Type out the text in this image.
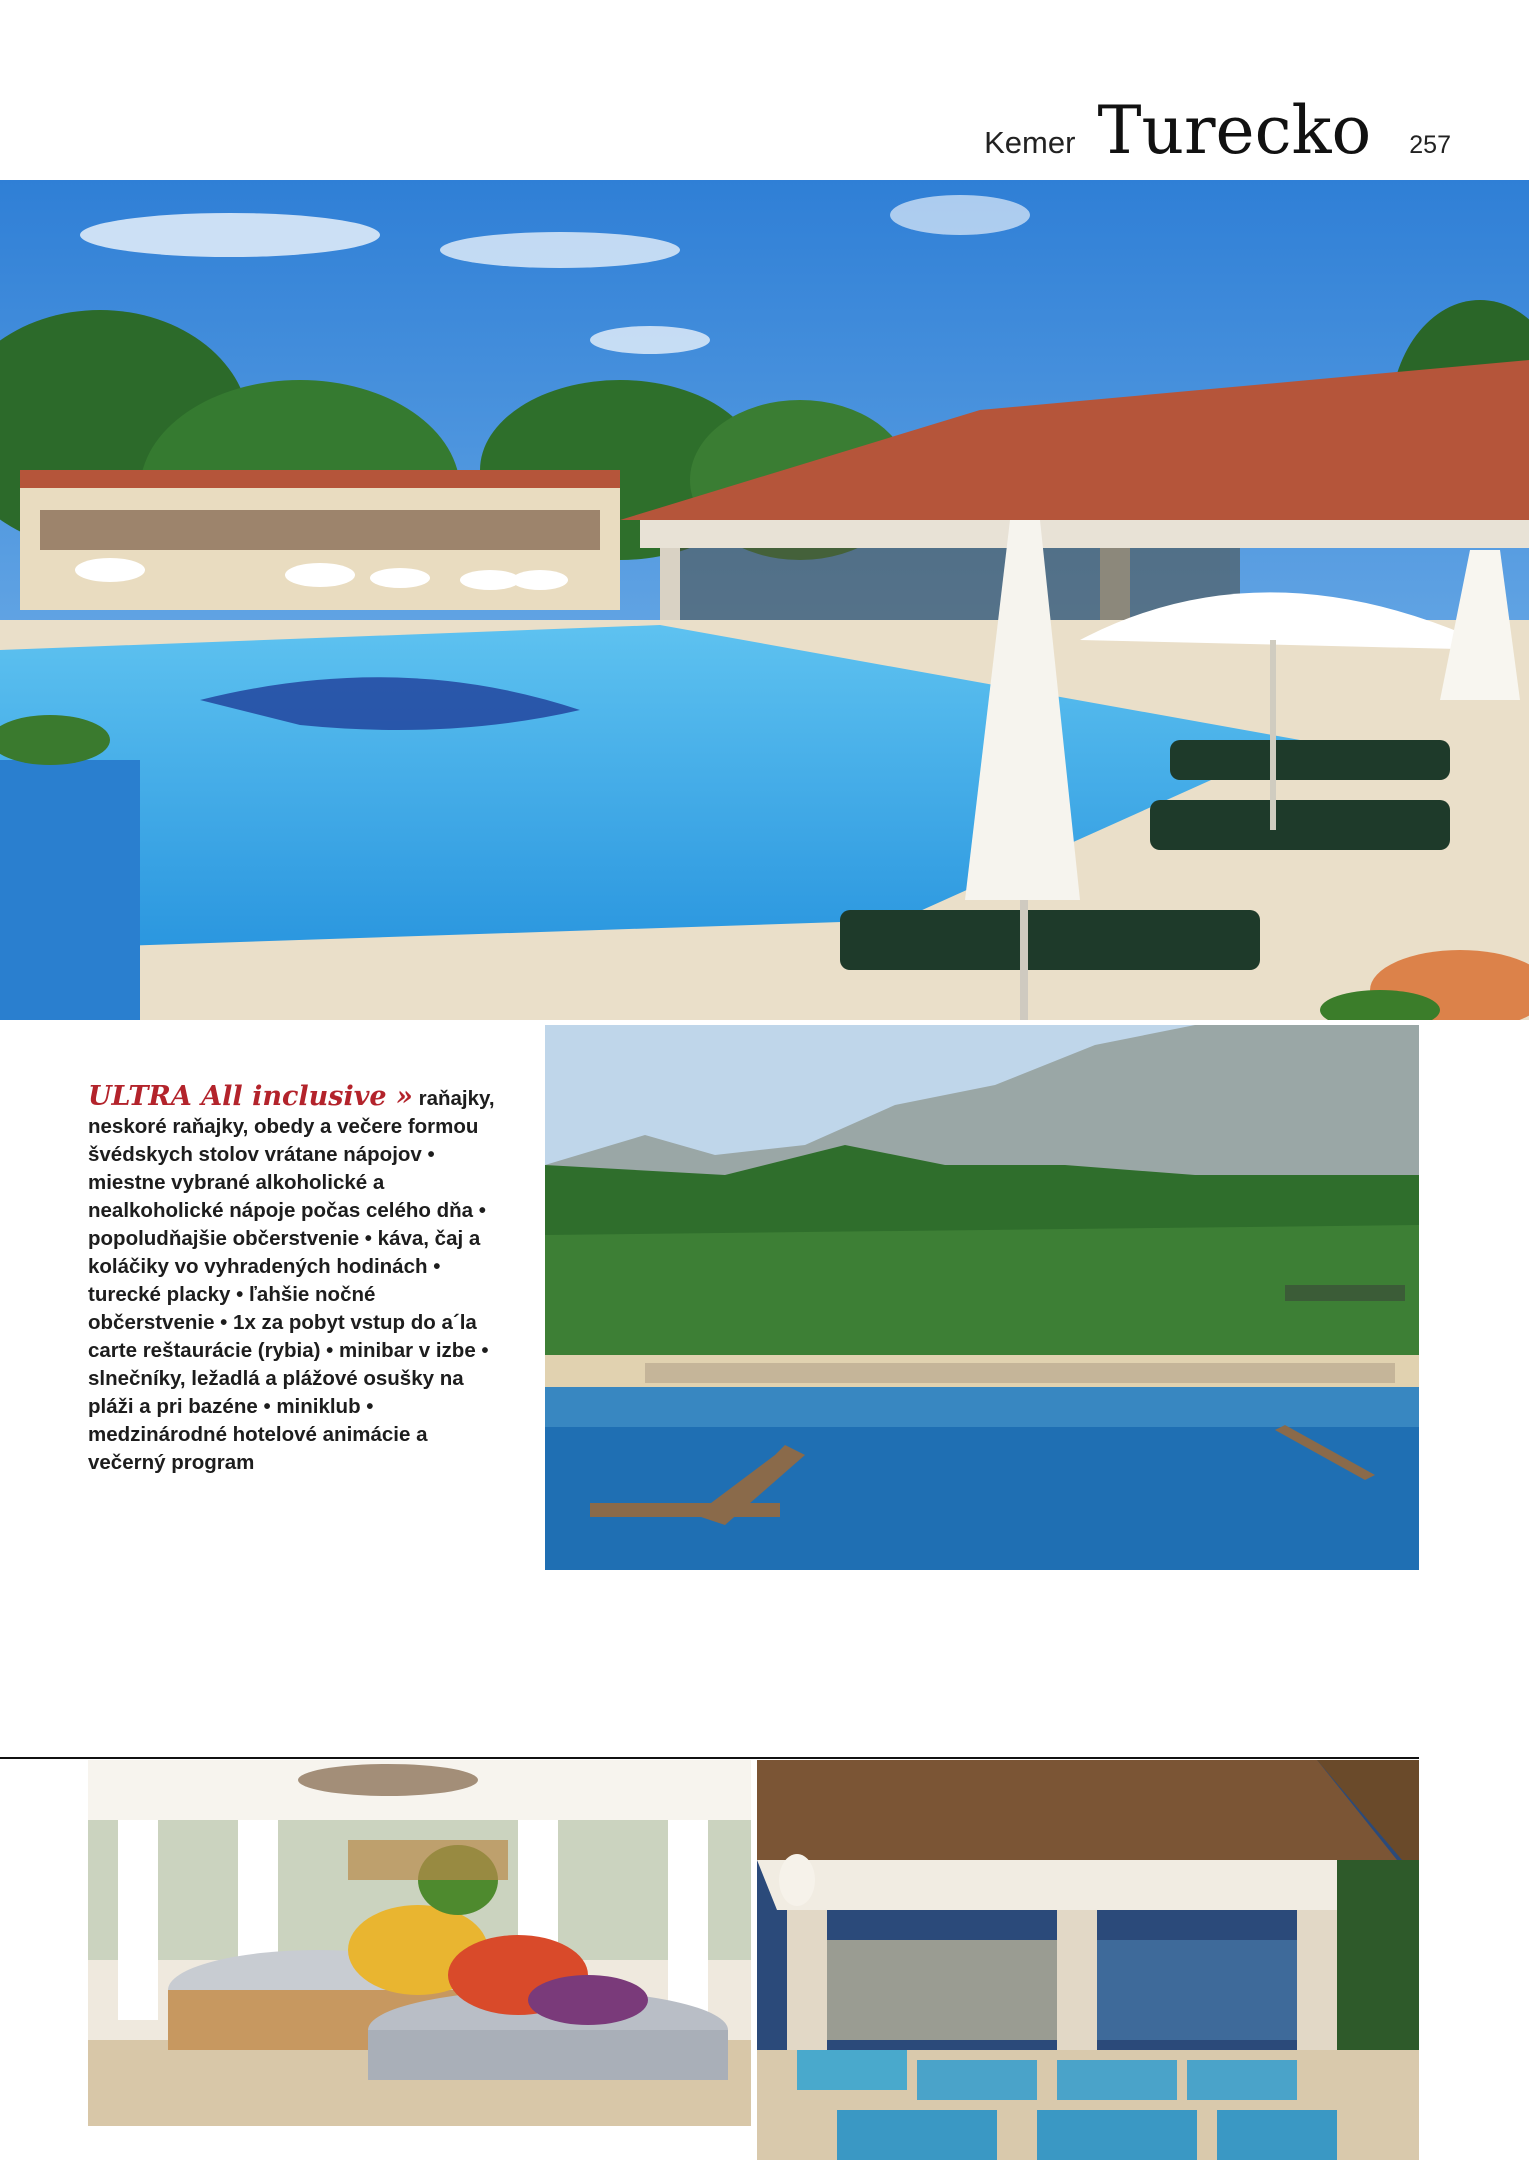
Kemer Turecko 257
ULTRA All inclusive » raňajky, neskoré raňajky, obedy a večere formou švédskych stolov vrátane nápojov • miestne vybrané alkoholické a nealkoholické nápoje počas celého dňa • popoludňajšie občerstvenie • káva, čaj a koláčiky vo vyhradených hodinách • turecké placky • ľahšie nočné občerstvenie • 1x za pobyt vstup do a´la carte reštaurácie (rybia) • minibar v izbe • slnečníky, ležadlá a plážové osušky na pláži a pri bazéne • miniklub • medzinárodné hotelové animácie a večerný program
